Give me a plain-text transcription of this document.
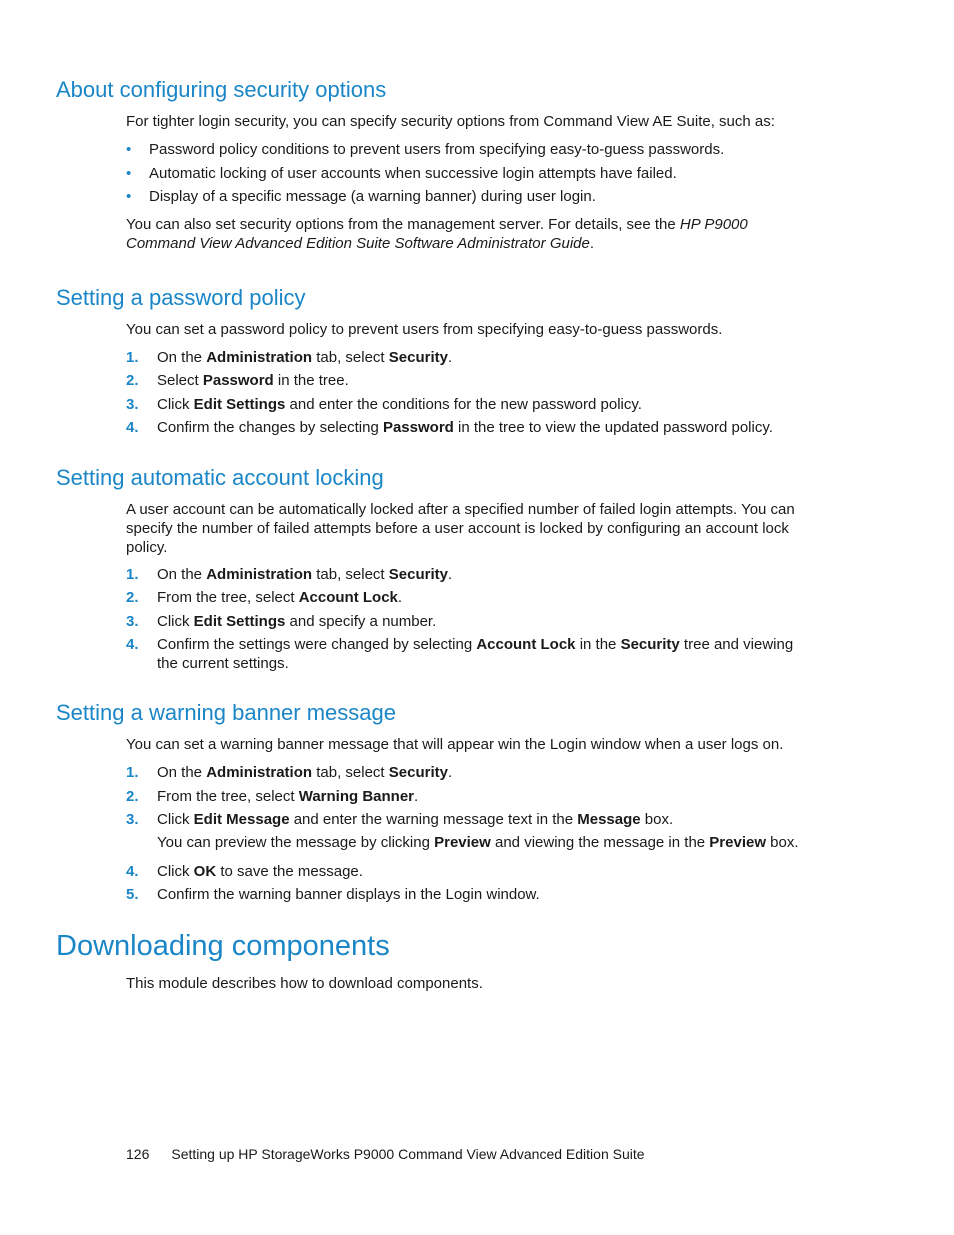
About configuring security options

For tighter login security, you can specify security options from Command View AE Suite, such as:

• Password policy conditions to prevent users from specifying easy-to-guess passwords.
• Automatic locking of user accounts when successive login attempts have failed.
• Display of a specific message (a warning banner) during user login.

You can also set security options from the management server. For details, see the HP P9000 Command View Advanced Edition Suite Software Administrator Guide.

Setting a password policy

You can set a password policy to prevent users from specifying easy-to-guess passwords.

1. On the Administration tab, select Security.
2. Select Password in the tree.
3. Click Edit Settings and enter the conditions for the new password policy.
4. Confirm the changes by selecting Password in the tree to view the updated password policy.
Setting automatic account locking

A user account can be automatically locked after a specified number of failed login attempts. You can specify the number of failed attempts before a user account is locked by configuring an account lock policy.

1. On the Administration tab, select Security.
2. From the tree, select Account Lock.
3. Click Edit Settings and specify a number.
4. Confirm the settings were changed by selecting Account Lock in the Security tree and viewing the current settings.
Setting a warning banner message

You can set a warning banner message that will appear win the Login window when a user logs on.

1. On the Administration tab, select Security.
2. From the tree, select Warning Banner.
3. Click Edit Message and enter the warning message text in the Message box.
You can preview the message by clicking Preview and viewing the message in the Preview box.
4. Click OK to save the message.
5. Confirm the warning banner displays in the Login window.
Downloading components

This module describes how to download components.

126 Setting up HP StorageWorks P9000 Command View Advanced Edition Suite
